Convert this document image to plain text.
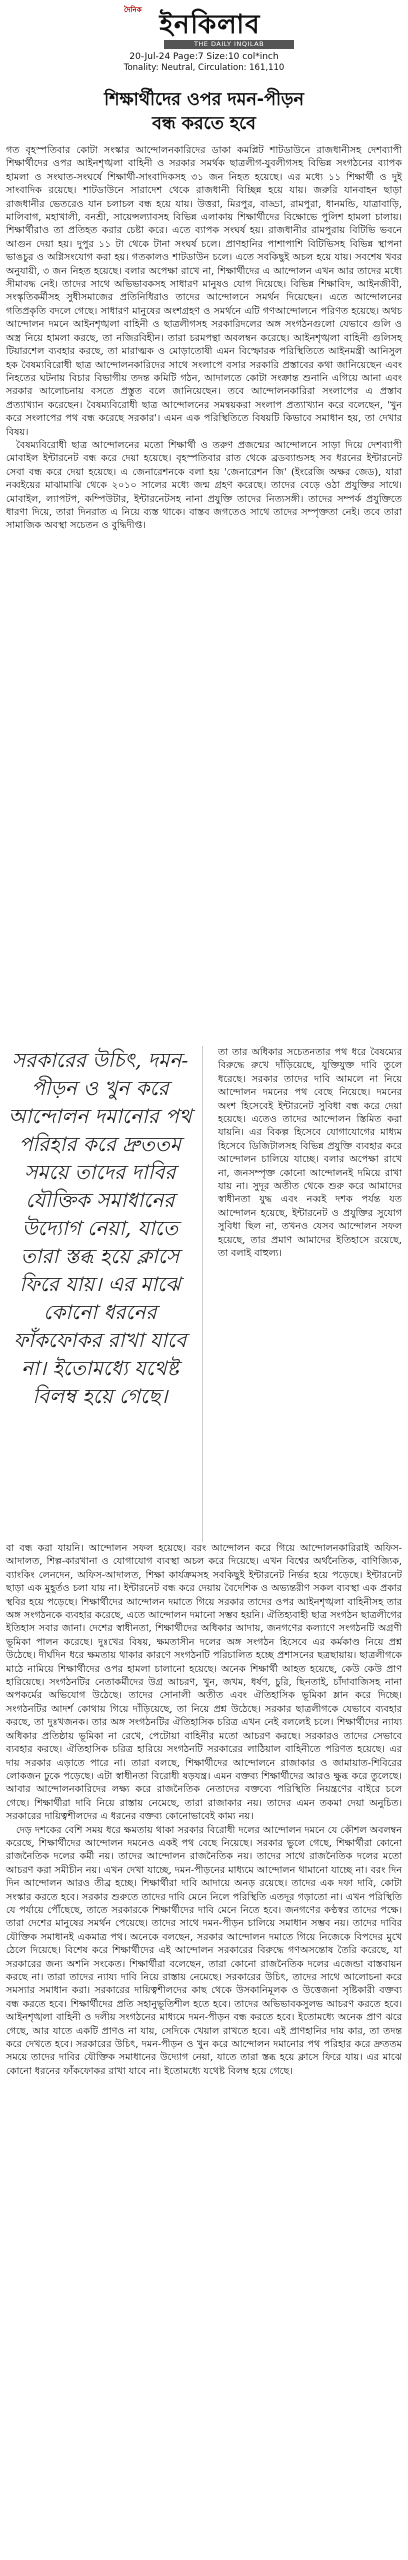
দৈনিক ইনকিলাব
THE DAILY INQILAB
20-Jul-24 Page:7 Size:10 col*inch
Tonality: Neutral, Circulation: 161,110
শিক্ষার্থীদের ওপর দমন-পীড়ন
বন্ধ করতে হবে
গত বৃহস্পতিবার কোটা সংস্কার আন্দোলনকারিদের ডাকা কমপ্লিট শাটডাউনে রাজধানীসহ দেশব্যাপী শিক্ষার্থীদের ওপর আইনশৃঙ্খলা বাহিনী ও সরকার সমর্থক ছাত্রলীগ-যুবলীগসহ বিভিন্ন সংগঠনের ব্যাপক হামলা ও সংঘাত-সংঘর্ষে শিক্ষার্থী-সাংবাদিকসহ ৩১ জন নিহত হয়েছে। এর মধ্যে ১১ শিক্ষার্থী ও দুই সাংবাদিক রয়েছে। শাটডাউনে সারাদেশ থেকে রাজধানী বিচ্ছিন্ন হয়ে যায়। জরুরি যানবাহন ছাড়া রাজধানীর ভেতরেও যান চলাচল বন্ধ হয়ে যায়। উত্তরা, মিরপুর, বাড্ডা, রামপুরা, ধানমন্ডি, যাত্রাবাড়ি, মালিবাগ, মহাখালী, বনশ্রী, সায়েন্সল্যাবসহ বিভিন্ন এলাকায় শিক্ষার্থীদের বিক্ষোভে পুলিশ হামলা চালায়। শিক্ষার্থীরাও তা প্রতিহত করার চেষ্টা করে। এতে ব্যাপক সংঘর্ষ হয়। রাজধানীর রামপুরায় বিটিভি ভবনে আগুন দেয়া হয়। দুপুর ১১ টা থেকে টানা সংঘর্ষ চলে। প্রাণহানির পাশাপাশি বিটিভিসহ বিভিন্ন স্থাপনা ভাঙচুর ও অগ্নিসংযোগ করা হয়। গতকালও শাটডাউন চলে। এতে সবকিছুই অচল হয়ে যায়। সবশেষ খবর অনুযায়ী, ৩ জন নিহত হয়েছে। বলার অপেক্ষা রাখে না, শিক্ষার্থীদের এ আন্দোলন এখন আর তাদের মধ্যে সীমাবদ্ধ নেই। তাদের সাথে অভিভাবকসহ সাধারণ মানুষও যোগ দিয়েছে। বিভিন্ন শিক্ষাবিদ, আইনজীবী, সংস্কৃতিকর্মীসহ সুধীসমাজের প্রতিনিধিরাও তাদের আন্দোলনে সমর্থন দিয়েছেন। এতে আন্দোলনের গতিপ্রকৃতি বদলে গেছে। সাধারণ মানুষের অংশগ্রহণ ও সমর্থনে এটি গণআন্দোলনে পরিণত হয়েছে। অথচ আন্দোলন দমনে আইনশৃঙ্খলা বাহিনী ও ছাত্রলীগসহ সরকারিদলের অঙ্গ সংগঠনগুলো যেভাবে গুলি ও অস্ত্র নিয়ে হামলা করছে, তা নজিরবিহীন। তারা চরমপন্থা অবলম্বন করেছে। আইনশৃঙ্খলা বাহিনী গুলিসহ টিয়ারশেল ব্যবহার করছে, তা মারাত্মক ও মোড়াতোষী এমন বিস্ফোরক পরিস্থিতিতে আইনমন্ত্রী আনিসুল হক বৈষম্যবিরোধী ছাত্র আন্দোলনকারিদের সাথে সংলাপে বসার সরকারি প্রস্তাবের কথা জানিয়েছেন এবং নিহতের ঘটনায় বিচার বিভাগীয় তদন্ত কমিটি গঠন, আদালতে কোটা সংক্রান্ত শুনানি এগিয়ে আনা এবং সরকার আলোচনায় বসতে প্রস্তুত বলে জানিয়েছেন। তবে আন্দোলনকারিরা সংলাপের এ প্রস্তাব প্রত্যাখ্যান করেছেন। বৈষম্যবিরোধী ছাত্র আন্দোলনের সমন্বয়করা সংলাপ প্রত্যাখ্যান করে বলেছেন, 'খুন করে সংলাপের পথ বন্ধ করেছে সরকার'। এমন এক পরিস্থিতিতে বিষয়টি কিভাবে সমাধান হয়, তা দেখার বিষয়।
বৈষম্যবিরোধী ছাত্র আন্দোলনের মতো শিক্ষার্থী ও তরুণ প্রজন্মের আন্দোলনে সাড়া দিয়ে দেশব্যাপী মোবাইল ইন্টারনেট বন্ধ করে দেয়া হয়েছে। বৃহস্পতিবার রাত থেকে ব্রডব্যান্ডসহ সব ধরনের ইন্টারনেট সেবা বন্ধ করে দেয়া হয়েছে। এ জেনারেশনকে বলা হয় 'জেনারেশন জি' (ইংরেজি অক্ষর জেড), যারা নব্বইয়ের মাঝামাঝি থেকে ২০১০ সালের মধ্যে জন্ম গ্রহণ করেছে। তাদের বেড়ে ওঠা প্রযুক্তির সাথে। মোবাইল, ল্যাপটপ, কম্পিউটার, ইন্টারনেটসহ নানা প্রযুক্তি তাদের নিত্যসঙ্গী। তাদের সম্পর্ক প্রযুক্তিতে ধারণা দিয়ে, তারা দিনরাত এ নিয়ে ব্যস্ত থাকে। বাস্তব জগতেও সাথে তাদের সম্পৃক্ততা নেই। তবে তারা সামাজিক অবস্থা সচেতন ও বুদ্ধিদীপ্ত।
সরকারের উচিৎ, দমন-পীড়ন ও খুন করে আন্দোলন দমানোর পথ পরিহার করে দ্রুততম সময়ে তাদের দাবির যৌক্তিক সমাধানের উদ্যোগ নেয়া, যাতে তারা স্তব্ধ হয়ে ক্লাসে ফিরে যায়। এর মাঝে কোনো ধরনের ফাঁকফোকর রাখা যাবে না। ইতোমধ্যে যথেষ্ট বিলম্ব হয়ে গেছে।
তা তার অধিকার সচেতনতার পথ ধরে বৈষম্যের বিরুদ্ধে রুখে দাঁড়িয়েছে, যুক্তিযুক্ত দাবি তুলে ধরেছে। সরকার তাদের দাবি আমলে না নিয়ে আন্দোলন দমনের পথ বেছে নিয়েছে। দমনের অংশ হিসেবেই ইন্টারনেট সুবিধা বন্ধ করে দেয়া হয়েছে। এতেও তাদের আন্দোলন স্তিমিত করা যায়নি। এর বিকল্প হিসেবে যোগাযোগের মাধ্যম হিসেবে ডিজিটালসহ বিভিন্ন প্রযুক্তি ব্যবহার করে আন্দোলন চালিয়ে যাচ্ছে। বলার অপেক্ষা রাখে না, জনসম্পৃক্ত কোনো আন্দোলনই দমিয়ে রাখা যায় না। সুদূর অতীত থেকে শুরু করে আমাদের স্বাধীনতা যুদ্ধ এবং নব্বই দশক পর্যন্ত যত আন্দোলন হয়েছে, ইন্টারনেট ও প্রযুক্তির সুযোগ সুবিধা ছিল না, তখনও যেসব আন্দোলন সফল হয়েছে, তার প্রমাণ আমাদের ইতিহাসে রয়েছে, তা বলাই বাহুল্য।
বা বন্ধ করা যায়নি। আন্দোলন সফল হয়েছে। বরং আন্দোলন করে গিয়ে আন্দোলনকারিরাই অফিস-আদালত, শিল্প-কারখানা ও যোগাযোগ ব্যবস্থা অচল করে দিয়েছে। এখন বিশ্বের অর্থনৈতিক, বাণিজ্যিক, ব্যাংকিং লেনদেন, অফিস-আদালত, শিক্ষা কার্যক্রমসহ সবকিছুই ইন্টারনেট নির্ভর হয়ে পড়েছে। ইন্টারনেট ছাড়া এক মুহূর্তও চলা যায় না। ইন্টারনেট বন্ধ করে দেয়ায় বৈদেশিক ও অভ্যন্তরীণ সকল ব্যবস্থা এক প্রকার স্থবির হয়ে পড়েছে। শিক্ষার্থীদের আন্দোলন দমাতে গিয়ে সরকার তাদের ওপর আইনশৃঙ্খলা বাহিনীসহ তার অঙ্গ সংগঠনকে ব্যবহার করেছে, এতে আন্দোলন দমানো সম্ভব হয়নি। ঐতিহ্যবাহী ছাত্র সংগঠন ছাত্রলীগের ইতিহাস সবার জানা। দেশের স্বাধীনতা, শিক্ষার্থীদের অধিকার আদায়, জনগণের কল্যাণে সংগঠনটি অগ্রণী ভূমিকা পালন করেছে। দুঃখের বিষয়, ক্ষমতাসীন দলের অঙ্গ সংগঠন হিসেবে এর কর্মকাণ্ড নিয়ে প্রশ্ন উঠেছে। দীর্ঘদিন ধরে ক্ষমতায় থাকার কারণে সংগঠনটি পরিচালিত হচ্ছে প্রশাসনের ছত্রছায়ায়। ছাত্রলীগকে মাঠে নামিয়ে শিক্ষার্থীদের ওপর হামলা চালানো হয়েছে। অনেক শিক্ষার্থী আহত হয়েছে, কেউ কেউ প্রাণ হারিয়েছে। সংগঠনটির নেতাকর্মীদের উগ্র আচরণ, খুন, জখম, ধর্ষণ, চুরি, ছিনতাই, চাঁদাবাজিসহ নানা অপকর্মের অভিযোগ উঠেছে। তাদের সোনালী অতীত এবং ঐতিহাসিক ভূমিকা ম্লান করে দিচ্ছে। সংগঠনটির আদর্শ কোথায় গিয়ে দাঁড়িয়েছে, তা নিয়ে প্রশ্ন উঠেছে। সরকার ছাত্রলীগকে যেভাবে ব্যবহার করছে, তা দুঃখজনক। তার অঙ্গ সংগঠনটির ঐতিহাসিক চরিত্র এখন নেই বললেই চলে। শিক্ষার্থীদের ন্যায্য অধিকার প্রতিষ্ঠায় ভূমিকা না রেখে, পেটোয়া বাহিনীর মতো আচরণ করছে। সরকারও তাদের সেভাবে ব্যবহার করছে। ঐতিহাসিক চরিত্র হারিয়ে সংগঠনটি সরকারের লাঠিয়াল বাহিনীতে পরিণত হয়েছে। এর দায় সরকার এড়াতে পারে না। তারা বলছে, শিক্ষার্থীদের আন্দোলনে রাজাকার ও জামায়াত-শিবিরের লোকজন ঢুকে পড়েছে। এটা স্বাধীনতা বিরোধী ষড়যন্ত্র। এমন বক্তব্য শিক্ষার্থীদের আরও ক্ষুব্ধ করে তুলেছে। আবার আন্দোলনকারিদের লক্ষ্য করে রাজনৈতিক নেতাদের বক্তব্যে পরিস্থিতি নিয়ন্ত্রণের বাইরে চলে গেছে। শিক্ষার্থীরা দাবি নিয়ে রাস্তায় নেমেছে, তারা রাজাকার নয়। তাদের এমন তকমা দেয়া অনুচিত। সরকারের দায়িত্বশীলদের এ ধরনের বক্তব্য কোনোভাবেই কাম্য নয়।
দেড় দশকের বেশি সময় ধরে ক্ষমতায় থাকা সরকার বিরোধী দলের আন্দোলন দমনে যে কৌশল অবলম্বন করেছে, শিক্ষার্থীদের আন্দোলন দমনেও একই পথ বেছে নিয়েছে। সরকার ভুলে গেছে, শিক্ষার্থীরা কোনো রাজনৈতিক দলের কর্মী নয়। তাদের আন্দোলন রাজনৈতিক নয়। তাদের সাথে রাজনৈতিক দলের মতো আচরণ করা সমীচীন নয়। এখন দেখা যাচ্ছে, দমন-পীড়নের মাধ্যমে আন্দোলন থামানো যাচ্ছে না। বরং দিন দিন আন্দোলন আরও তীব্র হচ্ছে। শিক্ষার্থীরা দাবি আদায়ে অনড় রয়েছে। তাদের এক দফা দাবি, কোটা সংস্কার করতে হবে। সরকার শুরুতে তাদের দাবি মেনে নিলে পরিস্থিতি এতদূর গড়াতো না। এখন পরিস্থিতি যে পর্যায়ে পৌঁছেছে, তাতে সরকারকে শিক্ষার্থীদের দাবি মেনে নিতে হবে। জনগণের কণ্ঠস্বর তাদের পক্ষে। তারা দেশের মানুষের সমর্থন পেয়েছে। তাদের সাথে দমন-পীড়ন চালিয়ে সমাধান সম্ভব নয়। তাদের দাবির যৌক্তিক সমাধানই একমাত্র পথ। অনেকে বলছেন, সরকার আন্দোলন দমাতে গিয়ে নিজেকে বিপদের মুখে ঠেলে দিয়েছে। বিশেষ করে শিক্ষার্থীদের এই আন্দোলন সরকারের বিরুদ্ধে গণঅসন্তোষ তৈরি করেছে, যা সরকারের জন্য অশনি সংকেত। শিক্ষার্থীরা বলেছেন, তারা কোনো রাজনৈতিক দলের এজেন্ডা বাস্তবায়ন করছে না। তারা তাদের ন্যায্য দাবি নিয়ে রাস্তায় নেমেছে। সরকারের উচিৎ, তাদের সাথে আলোচনা করে সমস্যার সমাধান করা। সরকারের দায়িত্বশীলদের কাছ থেকে উসকানিমূলক ও উত্তেজনা সৃষ্টিকারী বক্তব্য বন্ধ করতে হবে। শিক্ষার্থীদের প্রতি সহানুভূতিশীল হতে হবে। তাদের অভিভাবকসুলভ আচরণ করতে হবে। আইনশৃঙ্খলা বাহিনী ও দলীয় সংগঠনের মাধ্যমে দমন-পীড়ন বন্ধ করতে হবে। ইতোমধ্যে অনেক প্রাণ ঝরে গেছে, আর যাতে একটি প্রাণও না যায়, সেদিকে খেয়াল রাখতে হবে। এই প্রাণহানির দায় কার, তা তদন্ত করে দেখতে হবে। সরকারের উচিৎ, দমন-পীড়ন ও খুন করে আন্দোলন দমানোর পথ পরিহার করে দ্রুততম সময়ে তাদের দাবির যৌক্তিক সমাধানের উদ্যোগ নেয়া, যাতে তারা স্তব্ধ হয়ে ক্লাসে ফিরে যায়। এর মাঝে কোনো ধরনের ফাঁকফোকর রাখা যাবে না। ইতোমধ্যে যথেষ্ট বিলম্ব হয়ে গেছে।
